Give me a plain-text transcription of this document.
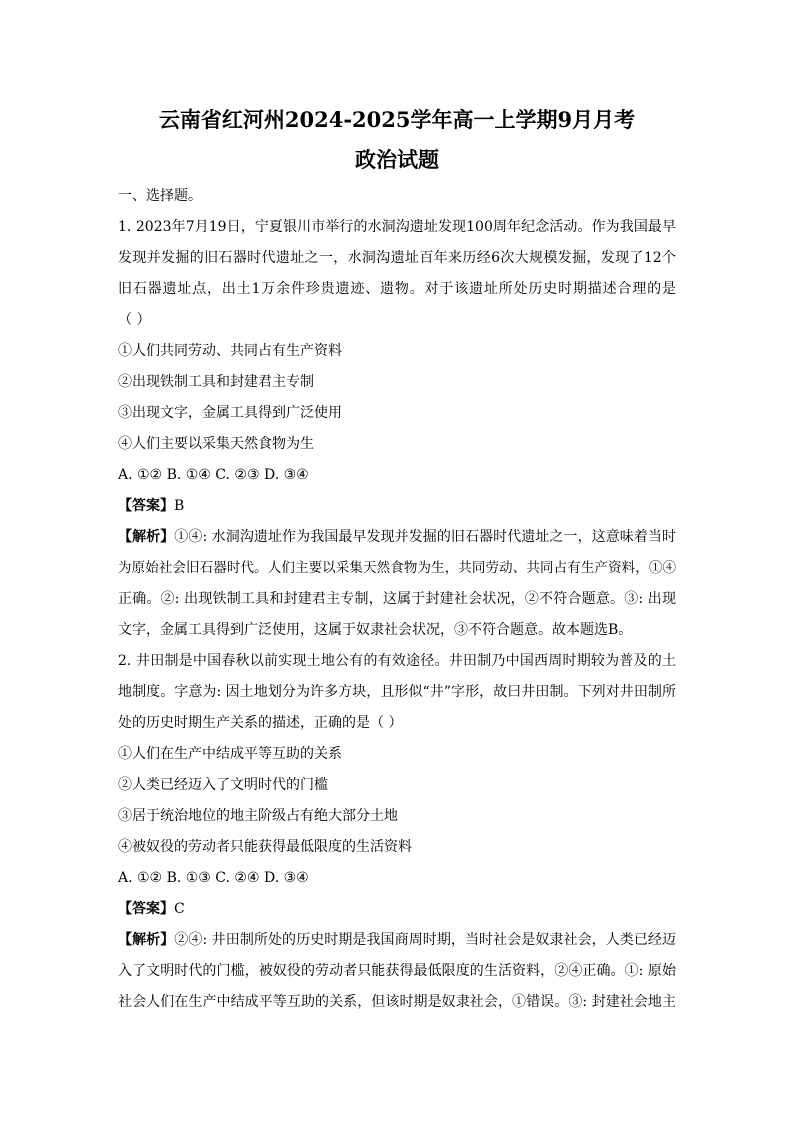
云南省红河州2024-2025学年高一上学期9月月考
政治试题
一、选择题。
1. 2023年7月19日，宁夏银川市举行的水洞沟遗址发现100周年纪念活动。作为我国最早
发现并发掘的旧石器时代遗址之一，水洞沟遗址百年来历经6次大规模发掘，发现了12个
旧石器遗址点，出土1万余件珍贵遗迹、遗物。对于该遗址所处历史时期描述合理的是
（ ）
①人们共同劳动、共同占有生产资料
②出现铁制工具和封建君主专制
③出现文字，金属工具得到广泛使用
④人们主要以采集天然食物为生
A. ①② B. ①④ C. ②③ D. ③④
【答案】B
【解析】①④: 水洞沟遗址作为我国最早发现并发掘的旧石器时代遗址之一，这意味着当时
为原始社会旧石器时代。人们主要以采集天然食物为生，共同劳动、共同占有生产资料，①④
正确。②: 出现铁制工具和封建君主专制，这属于封建社会状况，②不符合题意。③: 出现
文字，金属工具得到广泛使用，这属于奴隶社会状况，③不符合题意。故本题选B。
2. 井田制是中国春秋以前实现土地公有的有效途径。井田制乃中国西周时期较为普及的土
地制度。字意为: 因土地划分为许多方块，且形似“井”字形，故曰井田制。下列对井田制所
处的历史时期生产关系的描述，正确的是（ ）
①人们在生产中结成平等互助的关系
②人类已经迈入了文明时代的门槛
③居于统治地位的地主阶级占有绝大部分土地
④被奴役的劳动者只能获得最低限度的生活资料
A. ①② B. ①③ C. ②④ D. ③④
【答案】C
【解析】②④: 井田制所处的历史时期是我国商周时期，当时社会是奴隶社会，人类已经迈
入了文明时代的门槛，被奴役的劳动者只能获得最低限度的生活资料，②④正确。①: 原始
社会人们在生产中结成平等互助的关系，但该时期是奴隶社会，①错误。③: 封建社会地主
